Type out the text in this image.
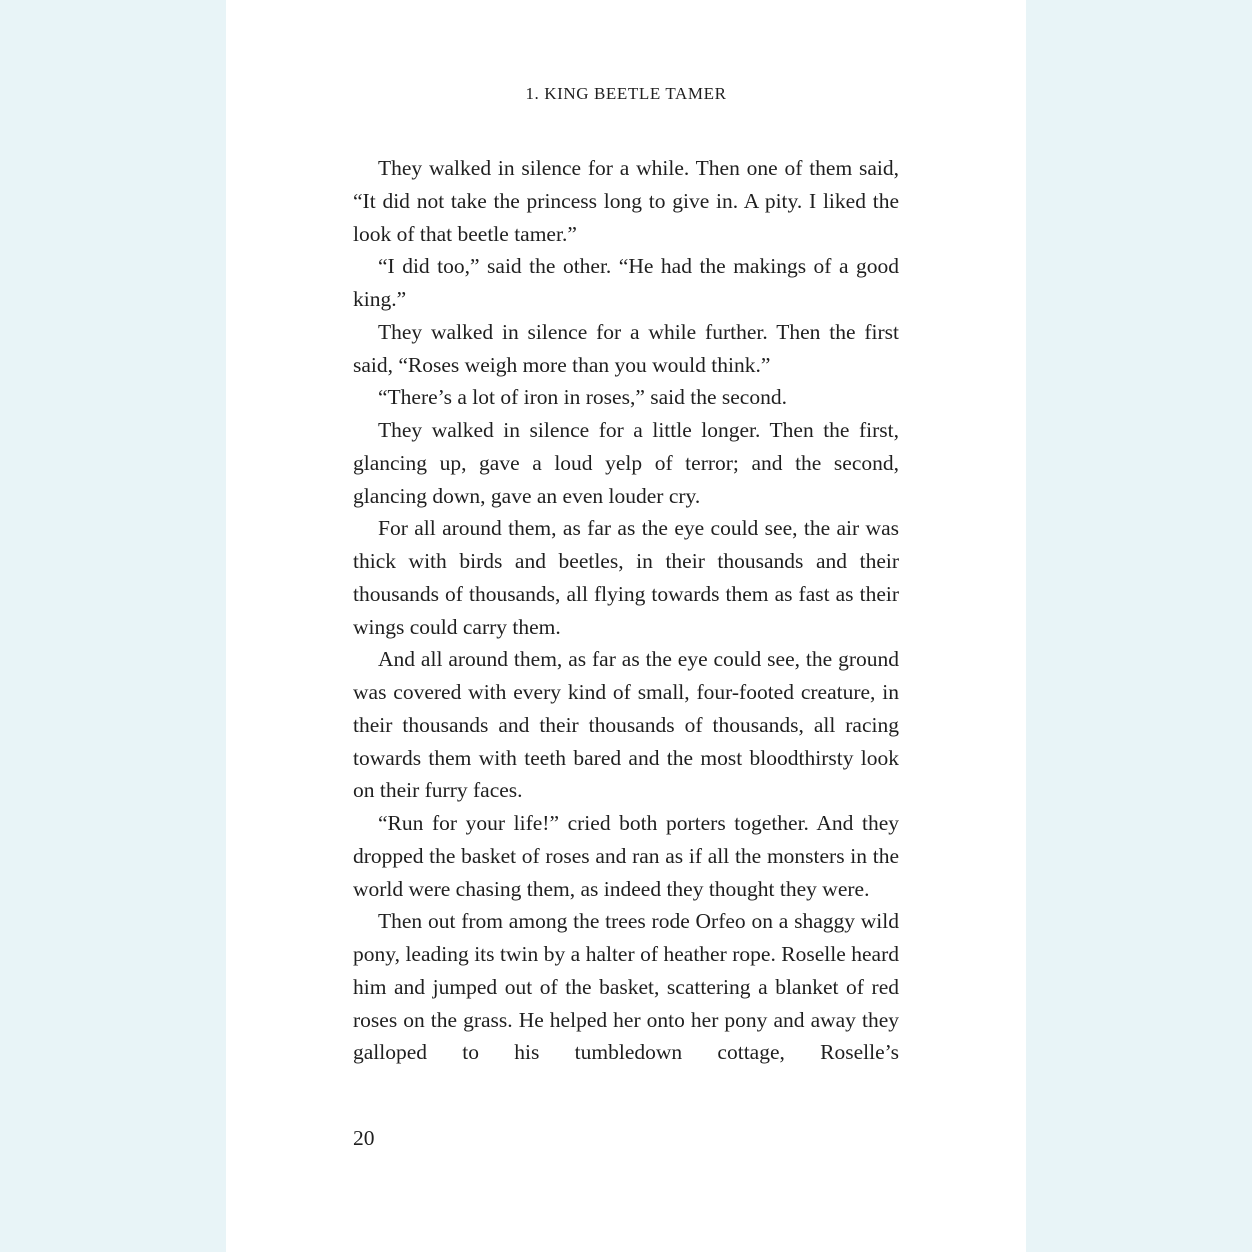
1. KING BEETLE TAMER

They walked in silence for a while. Then one of them said, “It did not take the princess long to give in. A pity. I liked the look of that beetle tamer.”

“I did too,” said the other. “He had the makings of a good king.”

They walked in silence for a while further. Then the first said, “Roses weigh more than you would think.”

“There’s a lot of iron in roses,” said the second.

They walked in silence for a little longer. Then the first, glancing up, gave a loud yelp of terror; and the second, glancing down, gave an even louder cry.

For all around them, as far as the eye could see, the air was thick with birds and beetles, in their thousands and their thousands of thousands, all flying towards them as fast as their wings could carry them.

And all around them, as far as the eye could see, the ground was covered with every kind of small, four-footed creature, in their thousands and their thousands of thousands, all racing towards them with teeth bared and the most bloodthirsty look on their furry faces.

“Run for your life!” cried both porters together. And they dropped the basket of roses and ran as if all the monsters in the world were chasing them, as indeed they thought they were.

Then out from among the trees rode Orfeo on a shaggy wild pony, leading its twin by a halter of heather rope. Roselle heard him and jumped out of the basket, scattering a blanket of red roses on the grass. He helped her onto her pony and away they galloped to his tumbledown cottage, Roselle’s

20
